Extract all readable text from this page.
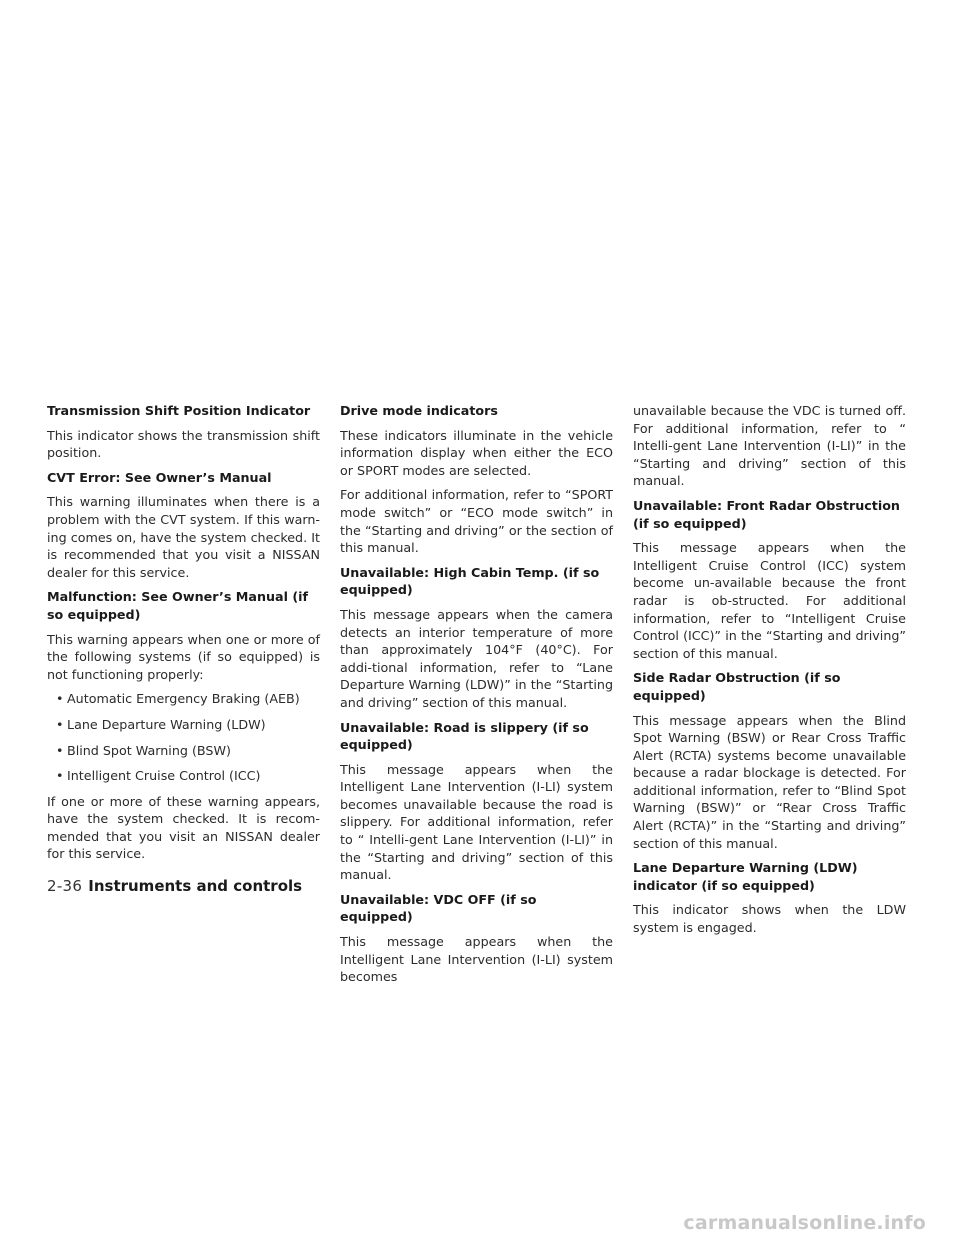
Transmission Shift Position Indicator

This indicator shows the transmission shift position.

CVT Error: See Owner’s Manual

This warning illuminates when there is a problem with the CVT system. If this warn-ing comes on, have the system checked. It is recommended that you visit a NISSAN dealer for this service.

Malfunction: See Owner’s Manual (if so equipped)

This warning appears when one or more of the following systems (if so equipped) is not functioning properly:

• Automatic Emergency Braking (AEB)
• Lane Departure Warning (LDW)
• Blind Spot Warning (BSW)
• Intelligent Cruise Control (ICC)

If one or more of these warning appears, have the system checked. It is recom-mended that you visit an NISSAN dealer for this service.

Drive mode indicators

These indicators illuminate in the vehicle information display when either the ECO or SPORT modes are selected.

For additional information, refer to “SPORT mode switch” or “ECO mode switch” in the “Starting and driving” or the section of this manual.

Unavailable: High Cabin Temp. (if so equipped)

This message appears when the camera detects an interior temperature of more than approximately 104°F (40°C). For addi-tional information, refer to “Lane Departure Warning (LDW)” in the “Starting and driving” section of this manual.

Unavailable: Road is slippery (if so equipped)

This message appears when the Intelligent Lane Intervention (I-LI) system becomes unavailable because the road is slippery. For additional information, refer to “ Intelli-gent Lane Intervention (I-LI)” in the “Starting and driving” section of this manual.

Unavailable: VDC OFF (if so equipped)

This message appears when the Intelligent Lane Intervention (I-LI) system becomes

unavailable because the VDC is turned off. For additional information, refer to “ Intelli-gent Lane Intervention (I-LI)” in the “Starting and driving” section of this manual.

Unavailable: Front Radar Obstruction (if so equipped)

This message appears when the Intelligent Cruise Control (ICC) system become un-available because the front radar is ob-structed. For additional information, refer to “Intelligent Cruise Control (ICC)” in the “Starting and driving” section of this manual.

Side Radar Obstruction (if so equipped)

This message appears when the Blind Spot Warning (BSW) or Rear Cross Traffic Alert (RCTA) systems become unavailable because a radar blockage is detected. For additional information, refer to “Blind Spot Warning (BSW)” or “Rear Cross Traffic Alert (RCTA)” in the “Starting and driving” section of this manual.

Lane Departure Warning (LDW) indicator (if so equipped)

This indicator shows when the LDW system is engaged.

2-36 Instruments and controls
carmanualsonline.info
